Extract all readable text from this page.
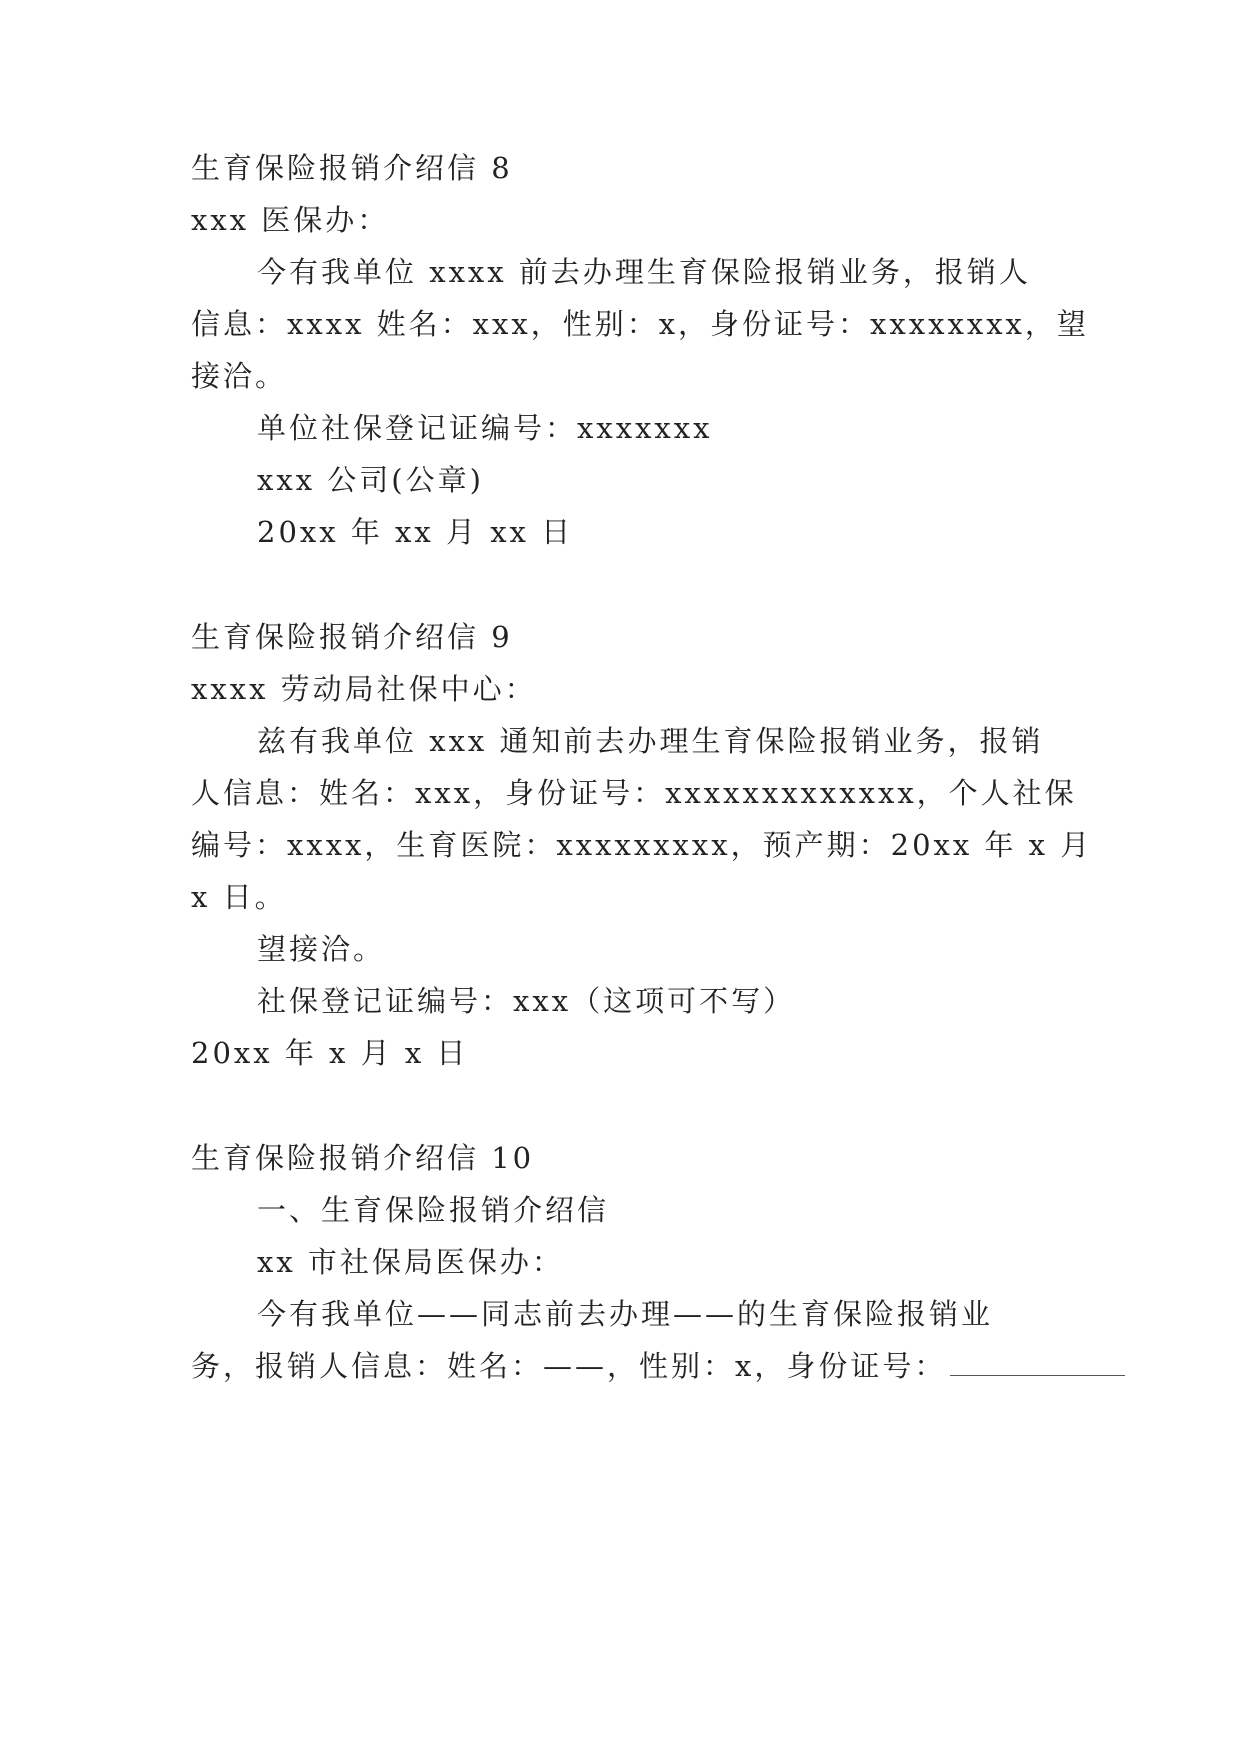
生育保险报销介绍信 8
xxx 医保办：
今有我单位 xxxx 前去办理生育保险报销业务，报销人
信息：xxxx 姓名：xxx，性别：x，身份证号：xxxxxxxx，望
接洽。
单位社保登记证编号：xxxxxxx
xxx 公司(公章)
20xx 年 xx 月 xx 日
生育保险报销介绍信 9
xxxx 劳动局社保中心：
兹有我单位 xxx 通知前去办理生育保险报销业务，报销
人信息：姓名：xxx，身份证号：xxxxxxxxxxxxx，个人社保
编号：xxxx，生育医院：xxxxxxxxx，预产期：20xx 年 x 月
x 日。
望接洽。
社保登记证编号：xxx（这项可不写）
20xx 年 x 月 x 日
生育保险报销介绍信 10
一、生育保险报销介绍信
xx 市社保局医保办：
今有我单位——同志前去办理——的生育保险报销业
务，报销人信息：姓名：——，性别：x，身份证号：
